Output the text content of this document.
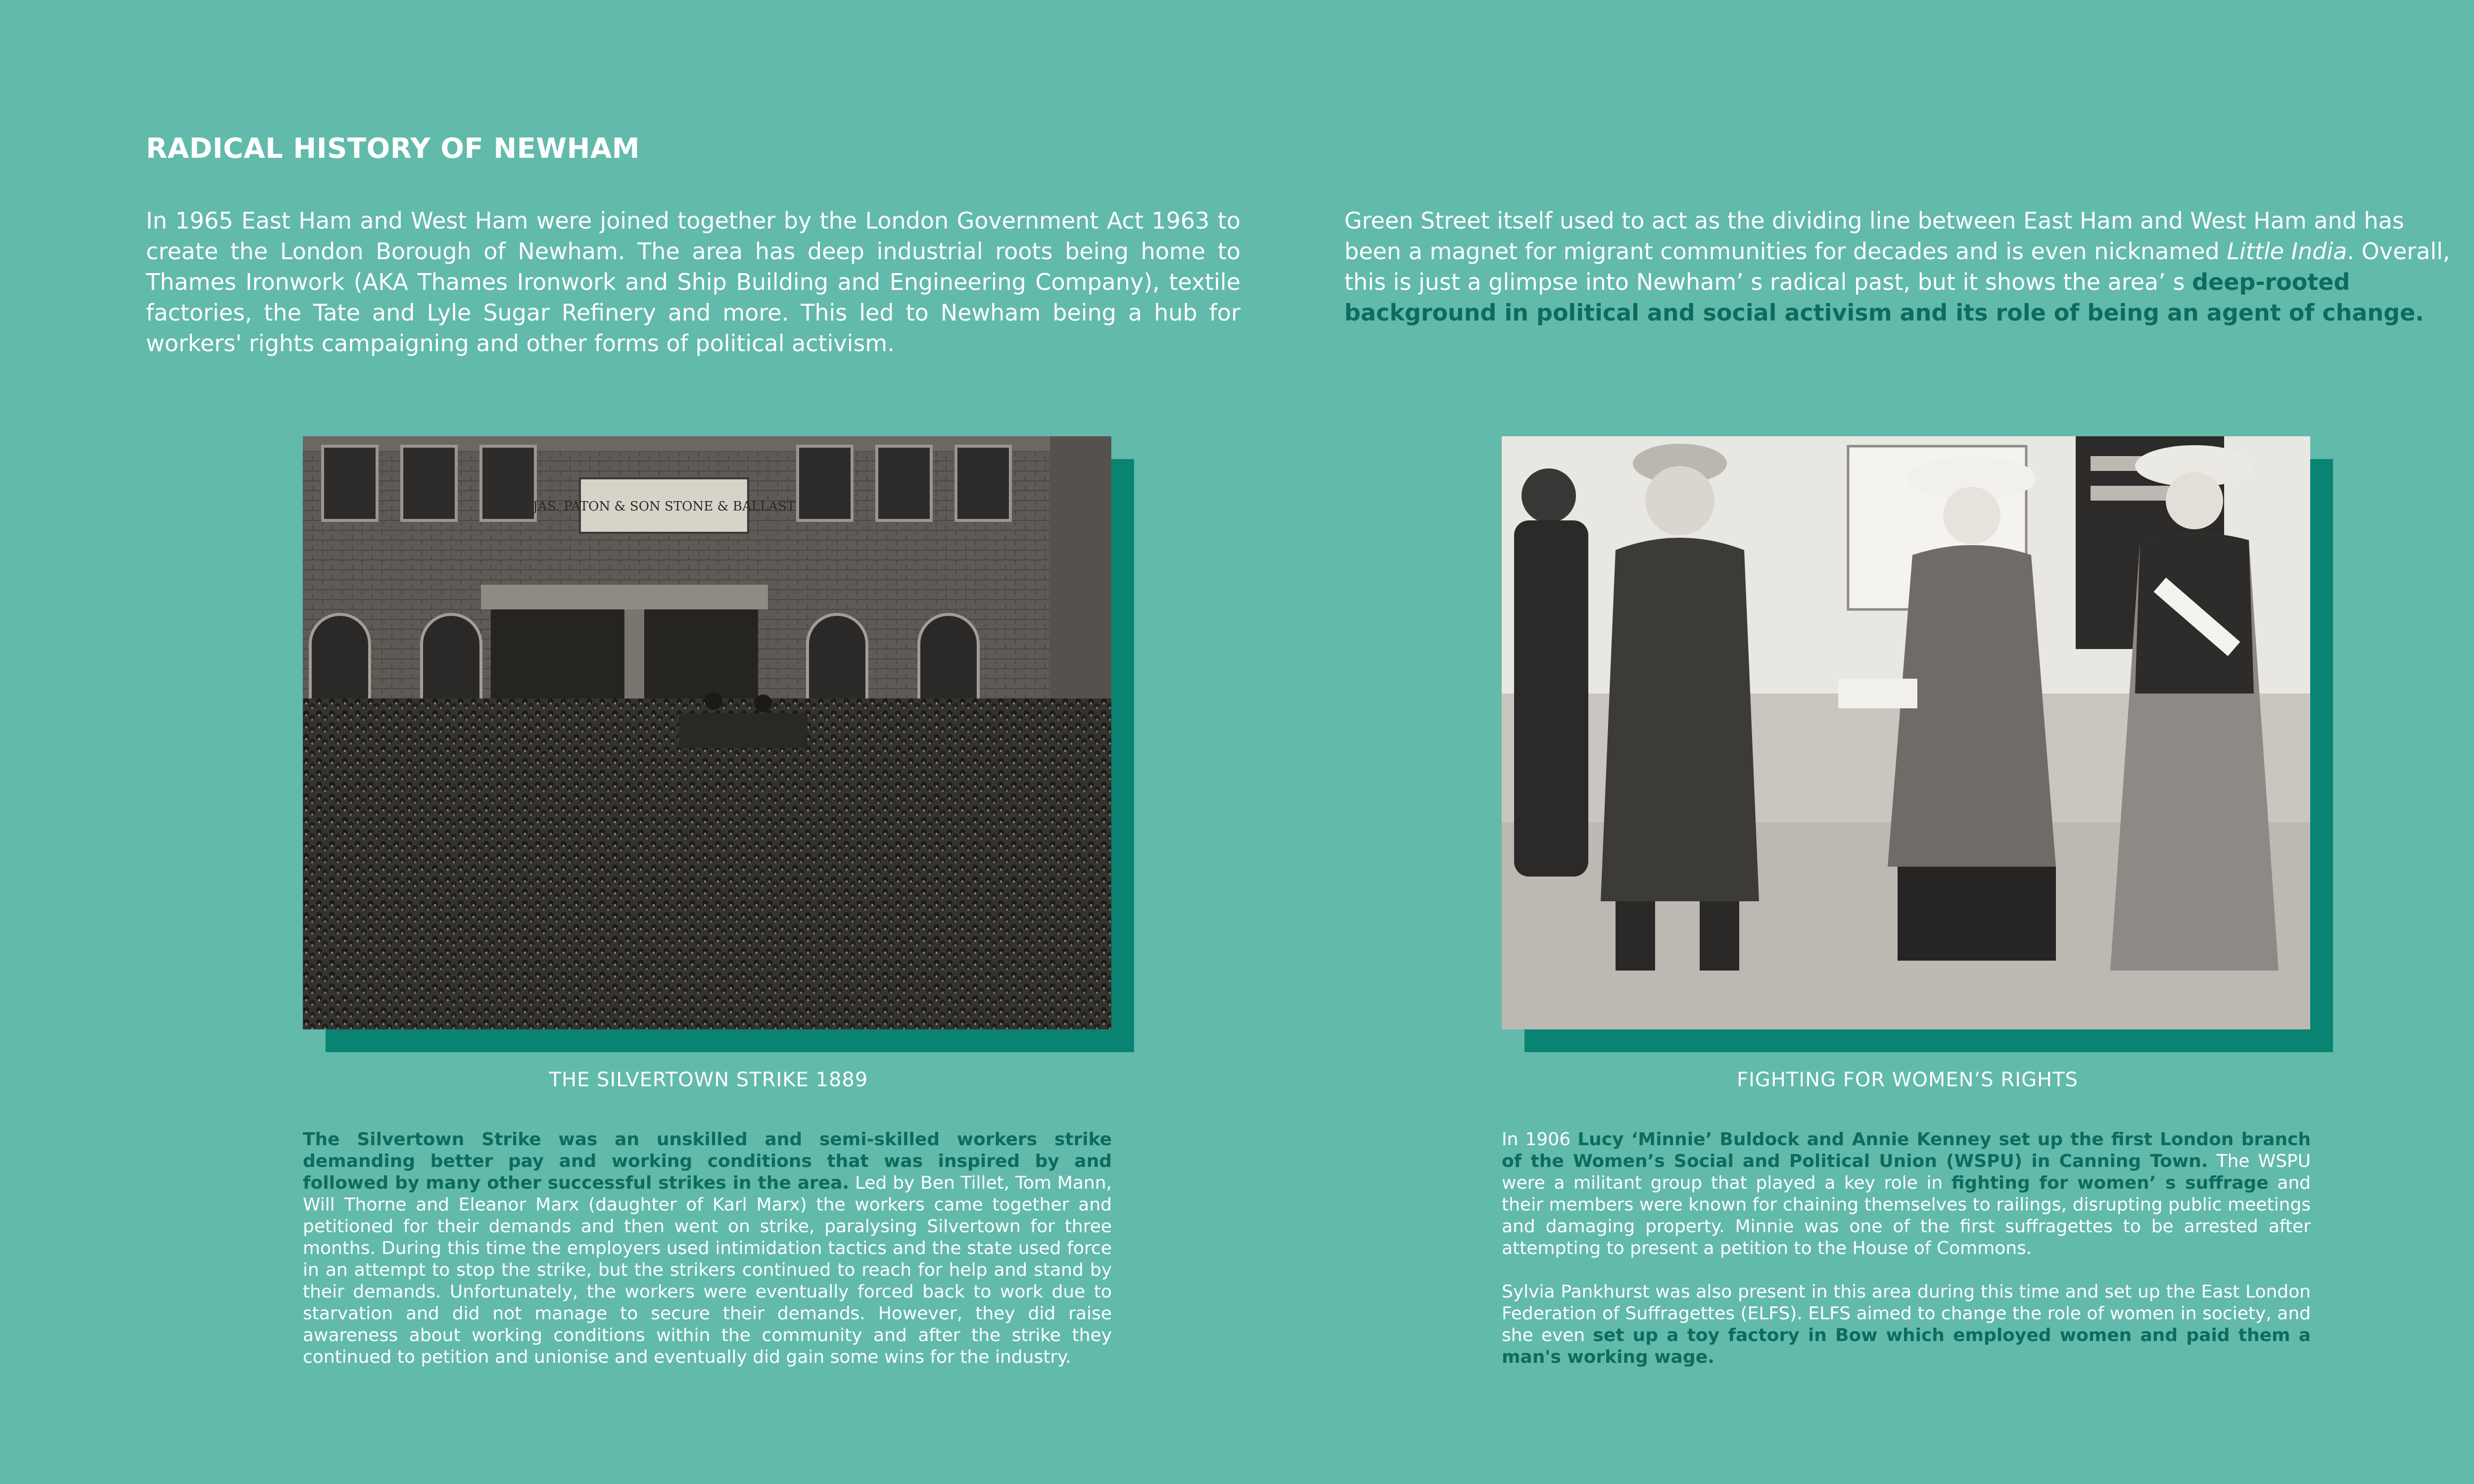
RADICAL HISTORY OF NEWHAM
In 1965 East Ham and West Ham were joined together by the London Government Act 1963 to create the London Borough of Newham. The area has deep industrial roots being home to Thames Ironwork (AKA Thames Ironwork and Ship Building and Engineering Company), textile factories, the Tate and Lyle Sugar Refinery and more. This led to Newham being a hub for workers' rights campaigning and other forms of political activism.
Green Street itself used to act as the dividing line between East Ham and West Ham and has been a magnet for migrant communities for decades and is even nicknamed Little India. Overall, this is just a glimpse into Newham’ s radical past, but it shows the area’ s deep-rooted background in political and social activism and its role of being an agent of change.
JAS. PATON & SON STONE & BALLAST
THE SILVERTOWN STRIKE 1889
The Silvertown Strike was an unskilled and semi-skilled workers strike demanding better pay and working conditions that was inspired by and followed by many other successful strikes in the area. Led by Ben Tillet, Tom Mann, Will Thorne and Eleanor Marx (daughter of Karl Marx) the workers came together and petitioned for their demands and then went on strike, paralysing Silvertown for three months. During this time the employers used intimidation tactics and the state used force in an attempt to stop the strike, but the strikers continued to reach for help and stand by their demands. Unfortunately, the workers were eventually forced back to work due to starvation and did not manage to secure their demands. However, they did raise awareness about working conditions within the community and after the strike they continued to petition and unionise and eventually did gain some wins for the industry.
FIGHTING FOR WOMEN’S RIGHTS

In 1906 Lucy ‘Minnie’ Buldock and Annie Kenney set up the first London branch of the Women’s Social and Political Union (WSPU) in Canning Town. The WSPU were a militant group that played a key role in fighting for women’ s suffrage and their members were known for chaining themselves to railings, disrupting public meetings and damaging property. Minnie was one of the first suffragettes to be arrested after attempting to present a petition to the House of Commons.

Sylvia Pankhurst was also present in this area during this time and set up the East London Federation of Suffragettes (ELFS). ELFS aimed to change the role of women in society, and she even set up a toy factory in Bow which employed women and paid them a man's working wage.
